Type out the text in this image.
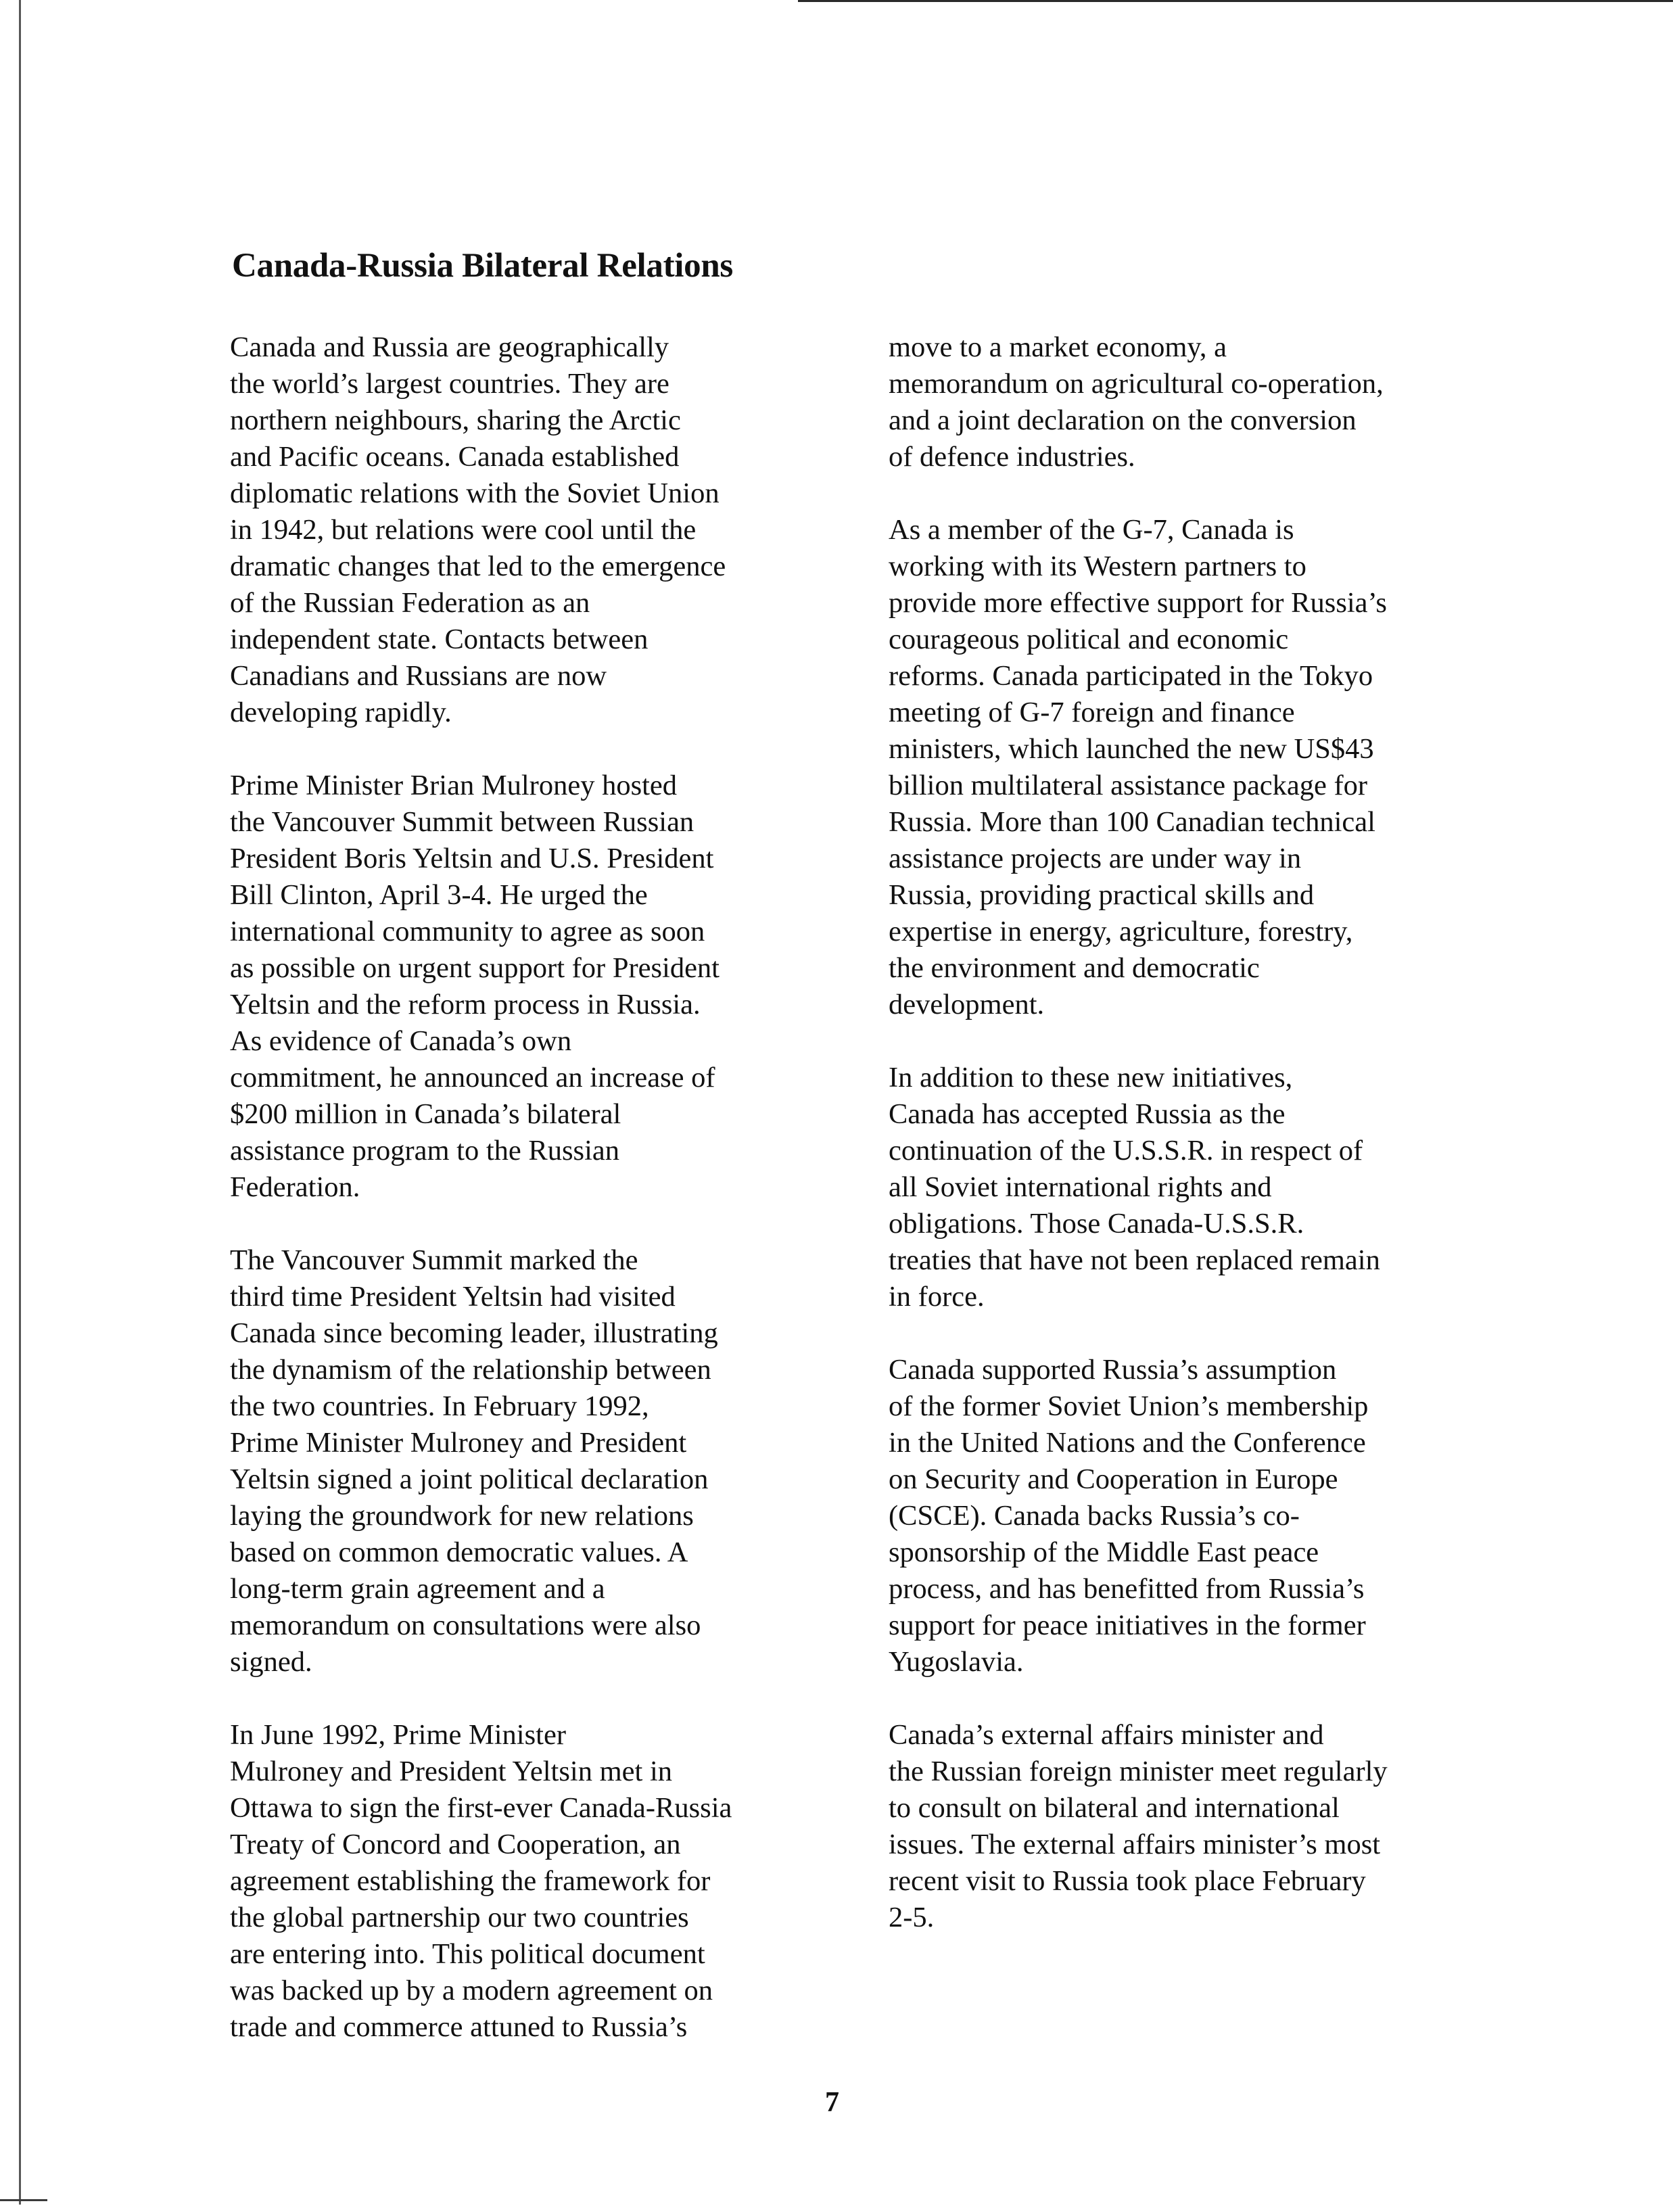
Canada-Russia Bilateral Relations

Canada and Russia are geographically
the world’s largest countries. They are
northern neighbours, sharing the Arctic
and Pacific oceans. Canada established
diplomatic relations with the Soviet Union
in 1942, but relations were cool until the
dramatic changes that led to the emergence
of the Russian Federation as an
independent state. Contacts between
Canadians and Russians are now
developing rapidly.

Prime Minister Brian Mulroney hosted
the Vancouver Summit between Russian
President Boris Yeltsin and U.S. President
Bill Clinton, April 3-4. He urged the
international community to agree as soon
as possible on urgent support for President
Yeltsin and the reform process in Russia.
As evidence of Canada’s own
commitment, he announced an increase of
$200 million in Canada’s bilateral
assistance program to the Russian
Federation.

The Vancouver Summit marked the
third time President Yeltsin had visited
Canada since becoming leader, illustrating
the dynamism of the relationship between
the two countries. In February 1992,
Prime Minister Mulroney and President
Yeltsin signed a joint political declaration
laying the groundwork for new relations
based on common democratic values. A
long-term grain agreement and a
memorandum on consultations were also
signed.

In June 1992, Prime Minister
Mulroney and President Yeltsin met in
Ottawa to sign the first-ever Canada-Russia
Treaty of Concord and Cooperation, an
agreement establishing the framework for
the global partnership our two countries
are entering into. This political document
was backed up by a modern agreement on
trade and commerce attuned to Russia’s

move to a market economy, a
memorandum on agricultural co-operation,
and a joint declaration on the conversion
of defence industries.

As a member of the G-7, Canada is
working with its Western partners to
provide more effective support for Russia’s
courageous political and economic
reforms. Canada participated in the Tokyo
meeting of G-7 foreign and finance
ministers, which launched the new US$43
billion multilateral assistance package for
Russia. More than 100 Canadian technical
assistance projects are under way in
Russia, providing practical skills and
expertise in energy, agriculture, forestry,
the environment and democratic
development.

In addition to these new initiatives,
Canada has accepted Russia as the
continuation of the U.S.S.R. in respect of
all Soviet international rights and
obligations. Those Canada-U.S.S.R.
treaties that have not been replaced remain
in force.

Canada supported Russia’s assumption
of the former Soviet Union’s membership
in the United Nations and the Conference
on Security and Cooperation in Europe
(CSCE). Canada backs Russia’s co-
sponsorship of the Middle East peace
process, and has benefitted from Russia’s
support for peace initiatives in the former
Yugoslavia.

Canada’s external affairs minister and
the Russian foreign minister meet regularly
to consult on bilateral and international
issues. The external affairs minister’s most
recent visit to Russia took place February
2-5.

7
